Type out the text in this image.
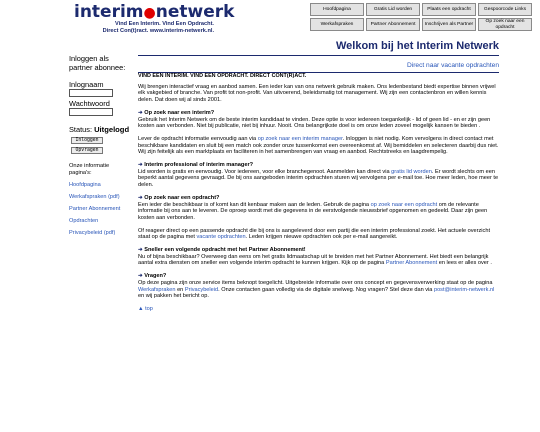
interim●netwerk
Vind Een Interim. Vind Een Opdracht.
Direct Con(t)ract. www.interim-netwerk.nl.
Hoofdpagina	Gratis Lid worden	Plaats een opdracht	Gespoorcode Links
Werkafspraken	Partner Abonnement	Inschrijven als Partner
Op zoek naar een opdracht
Welkom bij het Interim Netwerk
Direct naar vacante opdrachten
Inloggen als partner abonnee:
Inlognaam
Wachtwoord
Status: Uitgelogd
Inloggen
Opvragen
Onze informatie pagina's:
Hoofdpagina
Werkafspraken (pdf)
Partner Abonnement
Opdrachten
Privacybeleid (pdf)

VIND EEN INTERIM. VIND EEN OPDRACHT. DIRECT CONT(R)ACT.

Wij brengen interactief vraag en aanbod samen. Een ieder kan van ons netwerk gebruik maken. Ons ledenbestand biedt expertise binnen vrijwel elk vakgebied of branche. Van profit tot non-profit. Van uitvoerend, beleidsmatig tot management. Wij zijn een contactenbron en willen kennis delen. Dat doen wij al sinds 2001.

➜ Op zoek naar een interim?

Gebruik het Interim Netwerk om de beste interim kandidaat te vinden. Deze optie is voor iedereen toegankelijk - lid of geen lid - en er zijn geen kosten aan verbonden. Niet bij publicatie, niet bij inhuur. Nooit. Ons belangrijkste doel is om onze leden zoveel mogelijk kansen te bieden .

Lever de opdracht informatie eenvoudig aan via op zoek naar een interim manager. Inloggen is niet nodig. Kom vervolgens in direct contact met beschikbare kandidaten en sluit bij een match ook zonder onze tussenkomst een overeenkomst af. Wij bemiddelen en selecteren daarbij dus niet. Wij zijn feitelijk als een marktplaats en faciliteren in het samenbrengen van vraag en aanbod. Rechtstreeks en laagdrempelig.

➜ Interim professional of interim manager?

Lid worden is gratis en eenvoudig. Voor iedereen, voor elke branchegenoot. Aanmelden kan direct via gratis lid worden. Er wordt slechts om een beperkt aantal gegevens gevraagd. De bij ons aangeboden interim opdrachten sturen wij vervolgens per e-mail toe. Hoe meer leden, hoe meer te delen.

➜ Op zoek naar een opdracht?

Een ieder die beschikbaar is of komt kan dit kenbaar maken aan de leden. Gebruik de pagina op zoek naar een opdracht om de relevante informatie bij ons aan te leveren. De oproep wordt met die gegevens in de eerstvolgende nieuwsbrief opgenomen en gedeeld. Daar zijn geen kosten aan verbonden.

Of reageer direct op een passende opdracht die bij ons is aangeleverd door een partij die een interim professional zoekt. Het actuele overzicht staat op de pagina met vacante opdrachten. Leden krijgen nieuwe opdrachten ook per e-mail aangereikt.

➜ Sneller een volgende opdracht met het Partner Abonnement!

Nu of bijna beschikbaar? Overweeg dan eens om het gratis lidmaatschap uit te breiden met het Partner Abonnement. Het biedt een belangrijk aantal extra diensten om sneller een volgende interim opdracht te kunnen krijgen. Kijk op de pagina Partner Abonnement en lees er alles over .

➜ Vragen?

Op deze pagina zijn onze service items beknopt toegelicht. Uitgebreide informatie over ons concept en gegevensverwerking staat op de pagina Werkafspraken en Privacybeleid. Onze contacten gaan volledig via de digitale snelweg. Nog vragen? Stel deze dan via post@interim-netwerk.nl en wij pakken het bericht op.

▲ top
